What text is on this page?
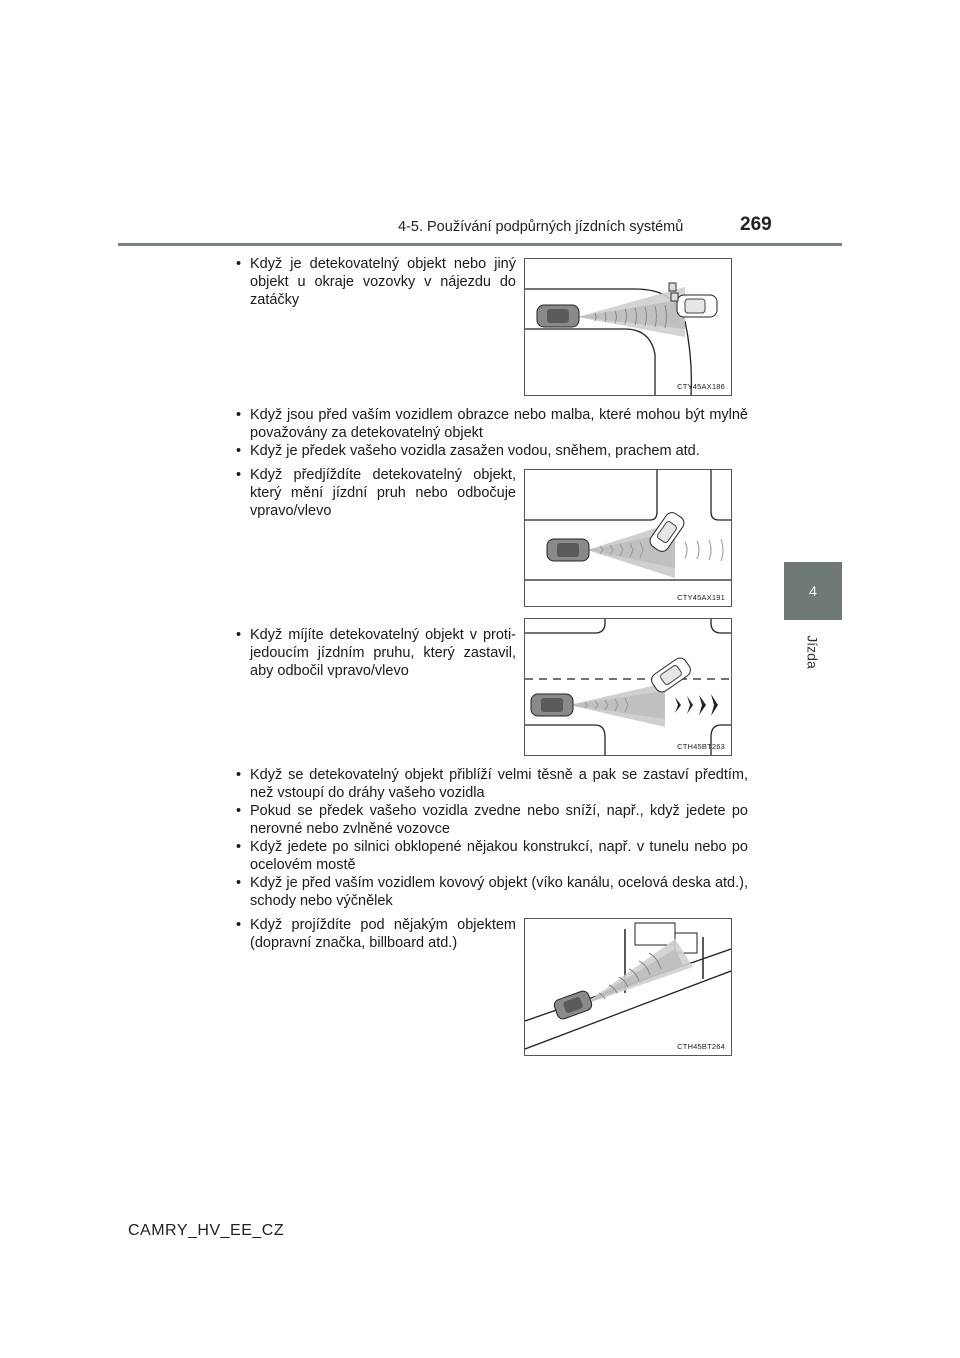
4-5. Používání podpůrných jízdních systémů	269
4
Jízda
• Když je detekovatelný objekt nebo jiný objekt u okraje vozovky v nájezdu do zatáčky
CTY45AX186
• Když jsou před vaším vozidlem obrazce nebo malba, které mohou být mylně považovány za detekovatelný objekt
• Když je předek vašeho vozidla zasažen vodou, sněhem, prachem atd.
• Když předjíždíte detekovatelný objekt, který mění jízdní pruh nebo odbočuje vpravo/vlevo
CTY45AX191
• Když míjíte detekovatelný objekt v proti- jedoucím jízdním pruhu, který zastavil, aby odbočil vpravo/vlevo
CTH45BT263
• Když se detekovatelný objekt přiblíží velmi těsně a pak se zastaví předtím, než vstoupí do dráhy vašeho vozidla
• Pokud se předek vašeho vozidla zvedne nebo sníží, např., když jedete po nerovné nebo zvlněné vozovce
• Když jedete po silnici obklopené nějakou konstrukcí, např. v tunelu nebo po ocelovém mostě
• Když je před vaším vozidlem kovový objekt (víko kanálu, ocelová deska atd.), schody nebo výčnělek
• Když projíždíte pod nějakým objektem (dopravní značka, billboard atd.)
CTH45BT264
CAMRY_HV_EE_CZ
